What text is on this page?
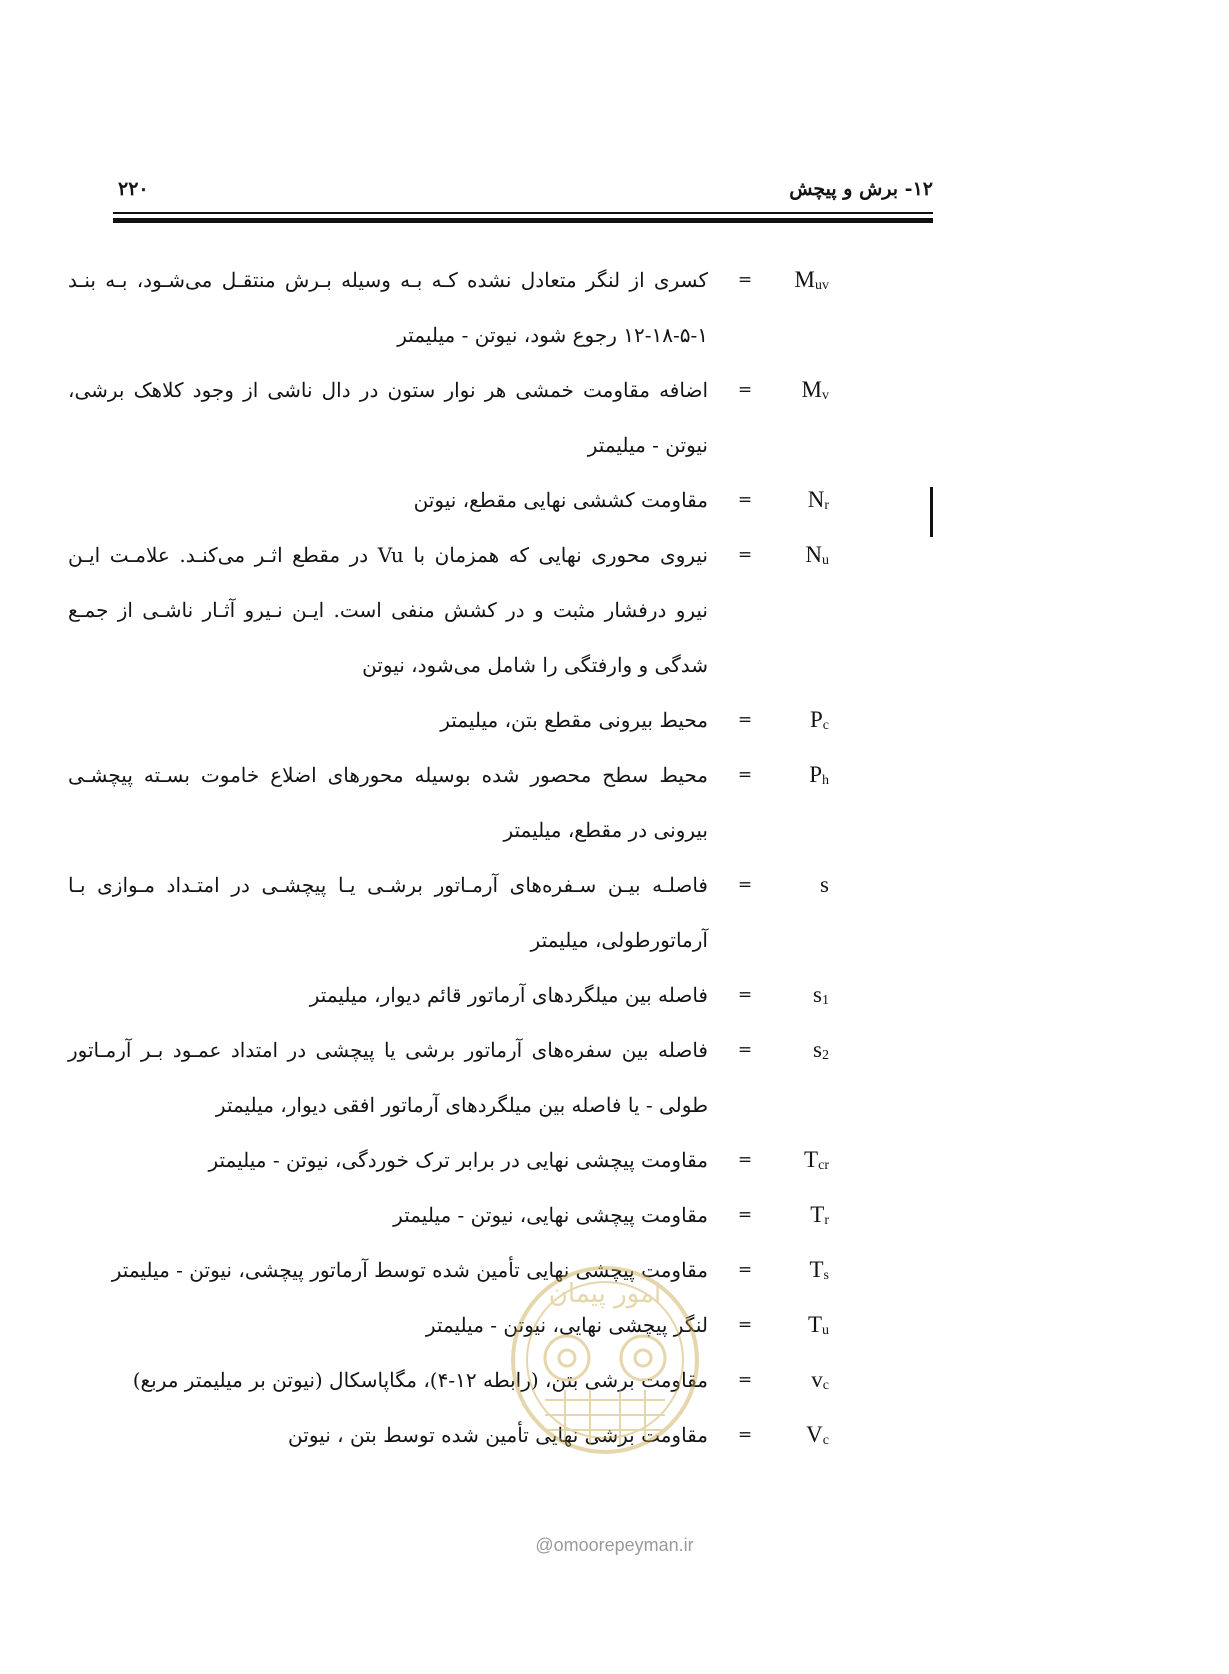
۱۲- برش و پیچش
۲۲۰
$M_{uv}$
=
کسری از لنگر متعادل نشده کـه بـه وسیله بـرش منتقـل می‌شـود، بـه بنـد
۱۲-۱۸-۵-۱ رجوع شود، نیوتن - میلیمتر
$M_v$
=
اضافه مقاومت خمشی هر نوار ستون در دال ناشی از وجود کلاهک برشی،
نیوتن - میلیمتر
$N_r$
=
مقاومت کششی نهایی مقطع، نیوتن
$N_u$
=
نیروی محوری نهایی که همزمان با Vu در مقطع اثـر می‌کنـد. علامـت ایـن
نیرو درفشار مثبت و در کشش منفی است. ایـن نـیرو آثـار ناشـی از جمـع
شدگی و وارفتگی را شامل می‌شود، نیوتن
$P_c$
=
محیط بیرونی مقطع بتن، میلیمتر
$P_h$
=
محیط سطح محصور شده بوسیله محورهای اضلاع خاموت بسـته پیچشـی
بیرونی در مقطع، میلیمتر
s
=
فاصلـه بیـن سـفره‌های آرمـاتور برشـی یـا پیچشـی در امتـداد مـوازی بـا
آرماتورطولی، میلیمتر
$s_1$
=
فاصله بین میلگردهای آرماتور قائم دیوار، میلیمتر
$s_2$
=
فاصله بین سفره‌های آرماتور برشی یا پیچشی در امتداد عمـود بـر آرمـاتور
طولی - یا فاصله بین میلگردهای آرماتور افقی دیوار، میلیمتر
$T_{cr}$
=
مقاومت پیچشی نهایی در برابر ترک خوردگی، نیوتن - میلیمتر
$T_r$
=
مقاومت پیچشی نهایی، نیوتن - میلیمتر
$T_s$
=
مقاومت پیچشی نهایی تأمین شده توسط آرماتور پیچشی، نیوتن - میلیمتر
$T_u$
=
لنگر پیچشی نهایی، نیوتن - میلیمتر
$v_c$
=
مقاومت برشی بتن، (رابطه ۱۲-۴)، مگاپاسکال (نیوتن بر میلیمتر مربع)
$V_c$
=
مقاومت برشی نهایی تأمین شده توسط بتن ، نیوتن
امور پیمان
@omoorepeyman.ir
